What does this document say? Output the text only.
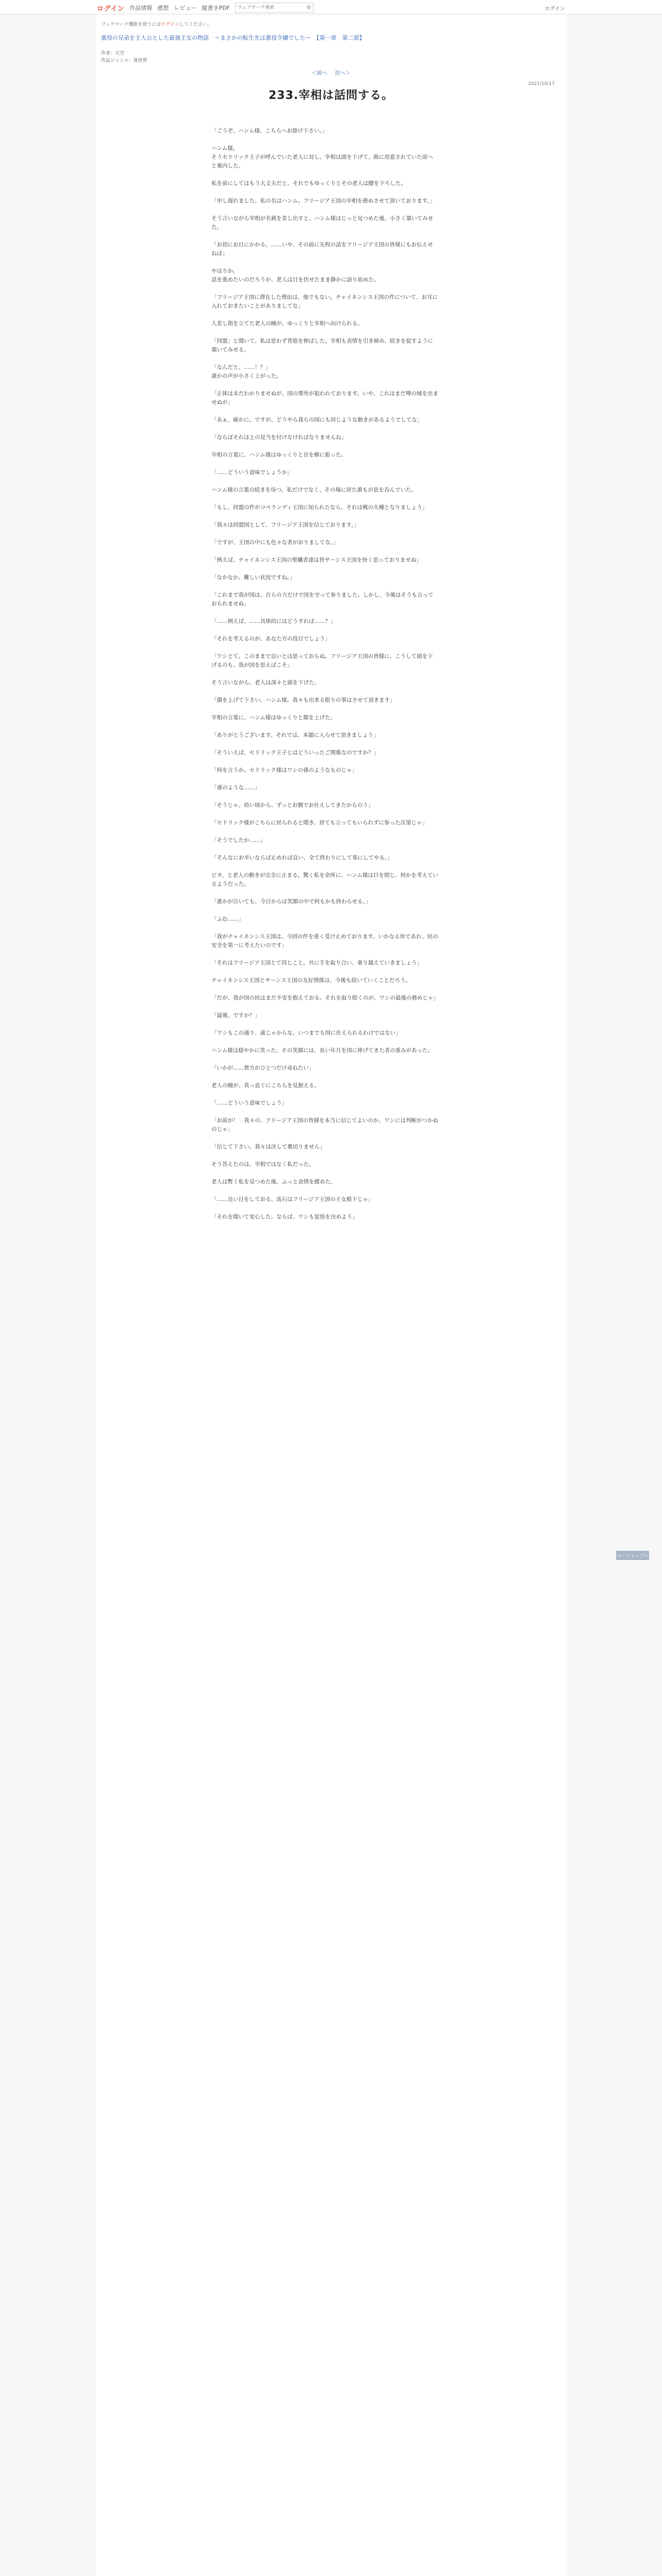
ログイン 作品情報 感想 レビュー 縦書きPDF
ウェブサーチ検索	⚲	ログイン
ブックマーク機能を使うにはログインしてください。
悪役の兄弟を主人公とした最強王女の物語　～まさかの転生先は悪役令嬢でした～　【第一章　第二部】
作者：天空
作品ジャンル：異世界
＜前へ 次へ＞
2021/10/17
233.宰相は話問する。

「ごうぞ、ハンム様、こちらへお掛け下さい。」

ハンム様。
そうセドリック王子が呼んでいた老人に対し、宰相は頭を下げて、既に用意されていた席へと案内した。

私を前にしてはもう大丈夫だと、それでもゆっくりとその老人は腰を下ろした。

「申し遅れました。私の名はハンム。フリージア王国の宰相を務めさせて頂いております。」

そう言いながら宰相が名刺を差し出すと、ハンム様はじっと見つめた後、小さく頷いてみせた。

「お初にお目にかかる。……いや、その前に先程の話をフリージア王国の皆様にもお伝えせねば」

やはりか。
話を進めたいのだろうか、老人は目を伏せたまま静かに語り始めた。

「フリージア王国に滞在した理由は、他でもない。チャイネンシス王国の件について、お耳に入れておきたいことがありましてな」

人差し指を立てた老人の瞳が、ゆっくりと宰相へ向けられる。

「同盟」と聞いて、私は思わず背筋を伸ばした。宰相も表情を引き締め、続きを促すように頷いてみせる。

「なんだと、……！？」
誰かの声が小さく上がった。

「正体は未だわかりませぬが、国の要所が狙われております。いや、これはまだ噂の域を出ませぬが」

「あぁ、確かに。ですが、どうやら我らの国にも同じような動きがあるようでしてな」

「ならばそれは上の見当を付けなければなりませんね」

宰相の言葉に、ハンム様はゆっくりと首を横に振った。

「……どういう意味でしょうか」

ハンム様の言葉の続きを待つ。私だけでなく、その場に居た誰もが息を呑んでいた。

「もし、同盟の件がコペランディ王国に知られたなら、それは戦の火種となりましょう」

「我々は同盟国として、フリージア王国を信じております。」

「ですが、王国の中にも色々な者がおりましてな。」

「例えば、チャイネンシス王国の聖職者達は皆サーシス王国を快く思っておりませぬ」

「なかなか、難しい状況ですね。」

「これまで我が国は、自らの力だけで国を守って参りました。しかし、今後はそうも言っておられませぬ」

「……例えば、……具体的にはどうすれば……？」

「それを考えるのが、あなた方の役目でしょう」

「ワシとて、このままで良いとは思っておらぬ。フリージア王国の皆様に、こうして頭を下げるのも、我が国を思えばこそ」

そう言いながら、老人は深々と頭を下げた。

「顔を上げて下さい、ハンム様。我々も出来る限りの事はさせて頂きます」

宰相の言葉に、ハンム様はゆっくりと顔を上げた。

「ありがとうございます。それでは、本題に入らせて頂きましょう」

「そういえば、セドリック王子とはどういったご関係なのですか？」

「何を言うか。セドリック様はワシの孫のようなものじゃ」

「孫のような……」

「そうじゃ。幼い頃から、ずっとお側でお仕えしてきたからのう」

「セドリック様がこちらに居られると聞き、居ても立ってもいられずに参った次第じゃ」

「そうでしたか……」

「そんなにお辛いならば止めれば良い、全て終わりにして楽にしてやる。」

ピタ、と老人の動きが完全に止まる。驚く私を余所に、ハンム様は目を閉じ、何かを考えているようだった。

「誰かが泣いても、今日からは笑顔の中で何もかも終わらせる。」

「ふむ……」

「我がチャイネンシス王国は、今回の件を重く受け止めております。いかなる形であれ、民の安全を第一に考えたいのです」

「それはフリージア王国とて同じこと。共に手を取り合い、乗り越えていきましょう」

チャイネンシス王国とサーシス王国の友好関係は、今後も続いていくことだろう。

「だが、我が国の民はまだ不安を抱えておる。それを取り除くのが、ワシの最後の務めじゃ」

「最後、ですか？」

「ワシもこの通り、歳じゃからな。いつまでも国に仕えられるわけではない」

ハンム様は穏やかに笑った。その笑顔には、長い年月を国に捧げてきた者の重みがあった。

「いかが……貴方がひとつだけ尋ねたい」

老人の瞳が、真っ直ぐにこちらを見据える。

「……どういう意味でしょう」

「お前が！　我々の、フリージア王国の皆様を本当に信じてよいのか、ワシには判断がつかぬのじゃ」

「信じて下さい。我々は決して裏切りません」

そう答えたのは、宰相ではなく私だった。

老人は暫く私を見つめた後、ふっと表情を緩めた。

「……良い目をしておる。流石はフリージア王国の王女殿下じゃ」

「それを聞いて安心した。ならば、ワシも覚悟を決めよう」

ページトップへ
